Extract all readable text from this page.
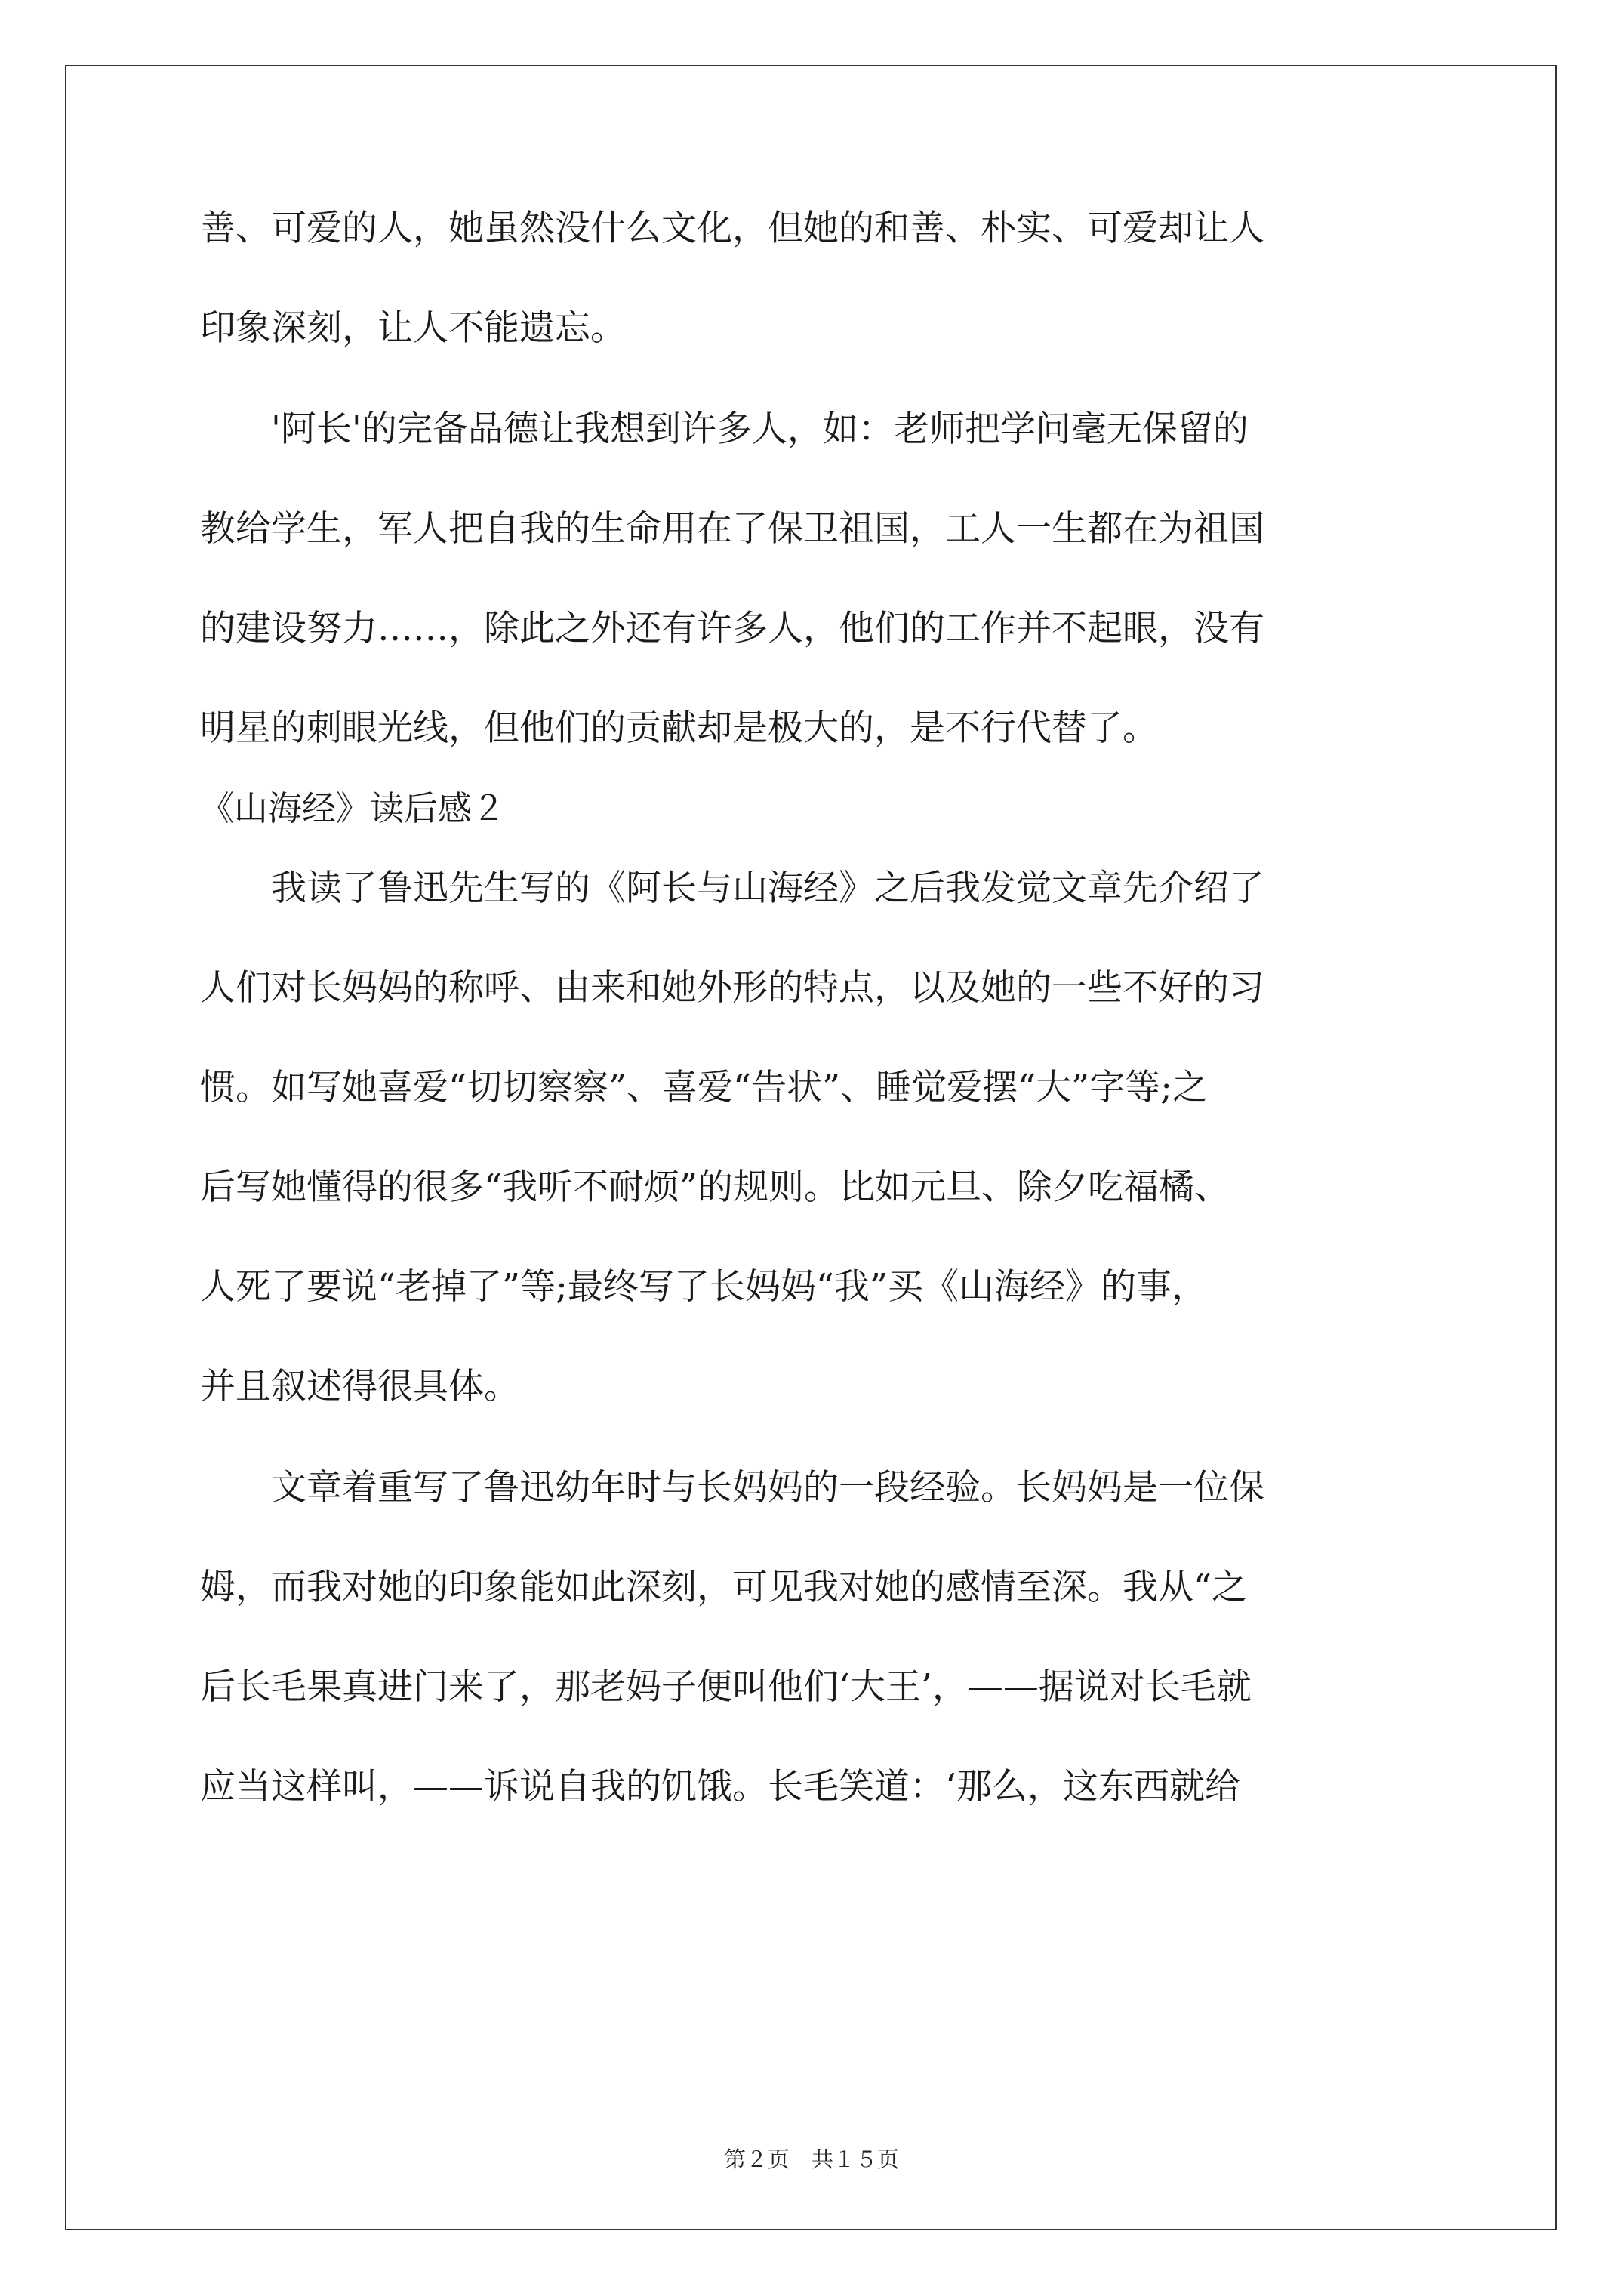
善、可爱的人，她虽然没什么文化，但她的和善、朴实、可爱却让人
印象深刻，让人不能遗忘。
　　'阿长'的完备品德让我想到许多人，如：老师把学问毫无保留的
教给学生，军人把自我的生命用在了保卫祖国，工人一生都在为祖国
的建设努力……，除此之外还有许多人，他们的工作并不起眼，没有
明星的刺眼光线，但他们的贡献却是极大的，是不行代替了。
《山海经》读后感２
　　我读了鲁迅先生写的《阿长与山海经》之后我发觉文章先介绍了
人们对长妈妈的称呼、由来和她外形的特点，以及她的一些不好的习
惯。如写她喜爱“切切察察”、喜爱“告状”、睡觉爱摆“大”字等;之
后写她懂得的很多“我听不耐烦”的规则。比如元旦、除夕吃福橘、
人死了要说“老掉了”等;最终写了长妈妈“我”买《山海经》的事，
并且叙述得很具体。
　　文章着重写了鲁迅幼年时与长妈妈的一段经验。长妈妈是一位保
姆，而我对她的印象能如此深刻，可见我对她的感情至深。我从“之
后长毛果真进门来了，那老妈子便叫他们‘大王’，——据说对长毛就
应当这样叫，——诉说自我的饥饿。长毛笑道：‘那么，这东西就给
第２页　共１５页
